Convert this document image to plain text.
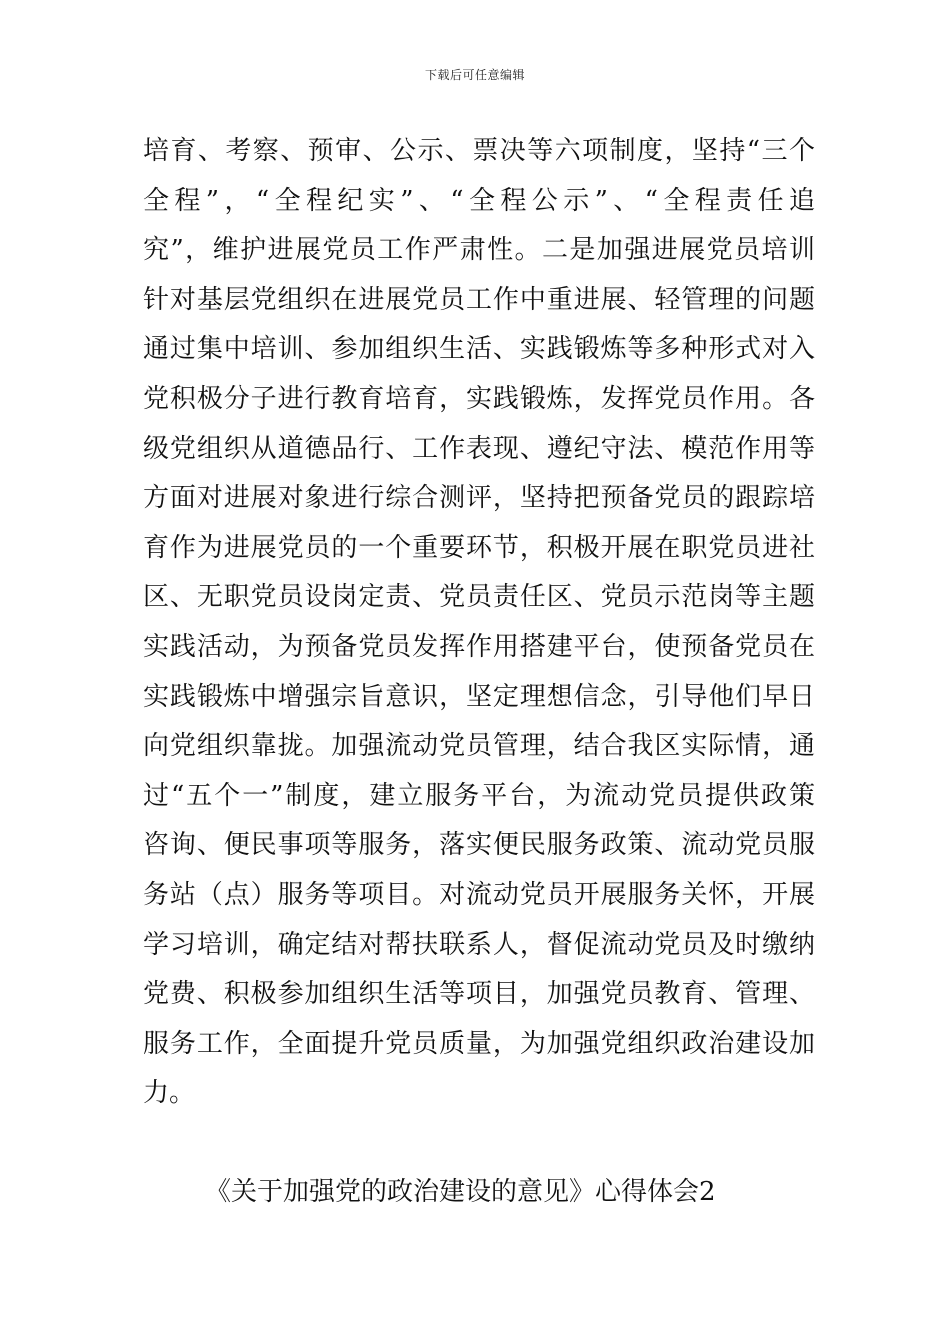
下载后可任意编辑
培育、考察、预审、公示、票决等六项制度，坚持“三个
全程”，“全程纪实”、“全程公示”、“全程责任追
究”，维护进展党员工作严肃性。二是加强进展党员培训
针对基层党组织在进展党员工作中重进展、轻管理的问题
通过集中培训、参加组织生活、实践锻炼等多种形式对入
党积极分子进行教育培育，实践锻炼，发挥党员作用。各
级党组织从道德品行、工作表现、遵纪守法、模范作用等
方面对进展对象进行综合测评，坚持把预备党员的跟踪培
育作为进展党员的一个重要环节，积极开展在职党员进社
区、无职党员设岗定责、党员责任区、党员示范岗等主题
实践活动，为预备党员发挥作用搭建平台，使预备党员在
实践锻炼中增强宗旨意识，坚定理想信念，引导他们早日
向党组织靠拢。加强流动党员管理，结合我区实际情，通
过“五个一”制度，建立服务平台，为流动党员提供政策
咨询、便民事项等服务，落实便民服务政策、流动党员服
务站（点）服务等项目。对流动党员开展服务关怀，开展
学习培训，确定结对帮扶联系人，督促流动党员及时缴纳
党费、积极参加组织生活等项目，加强党员教育、管理、
服务工作，全面提升党员质量，为加强党组织政治建设加
力。
《关于加强党的政治建设的意见》心得体会2
